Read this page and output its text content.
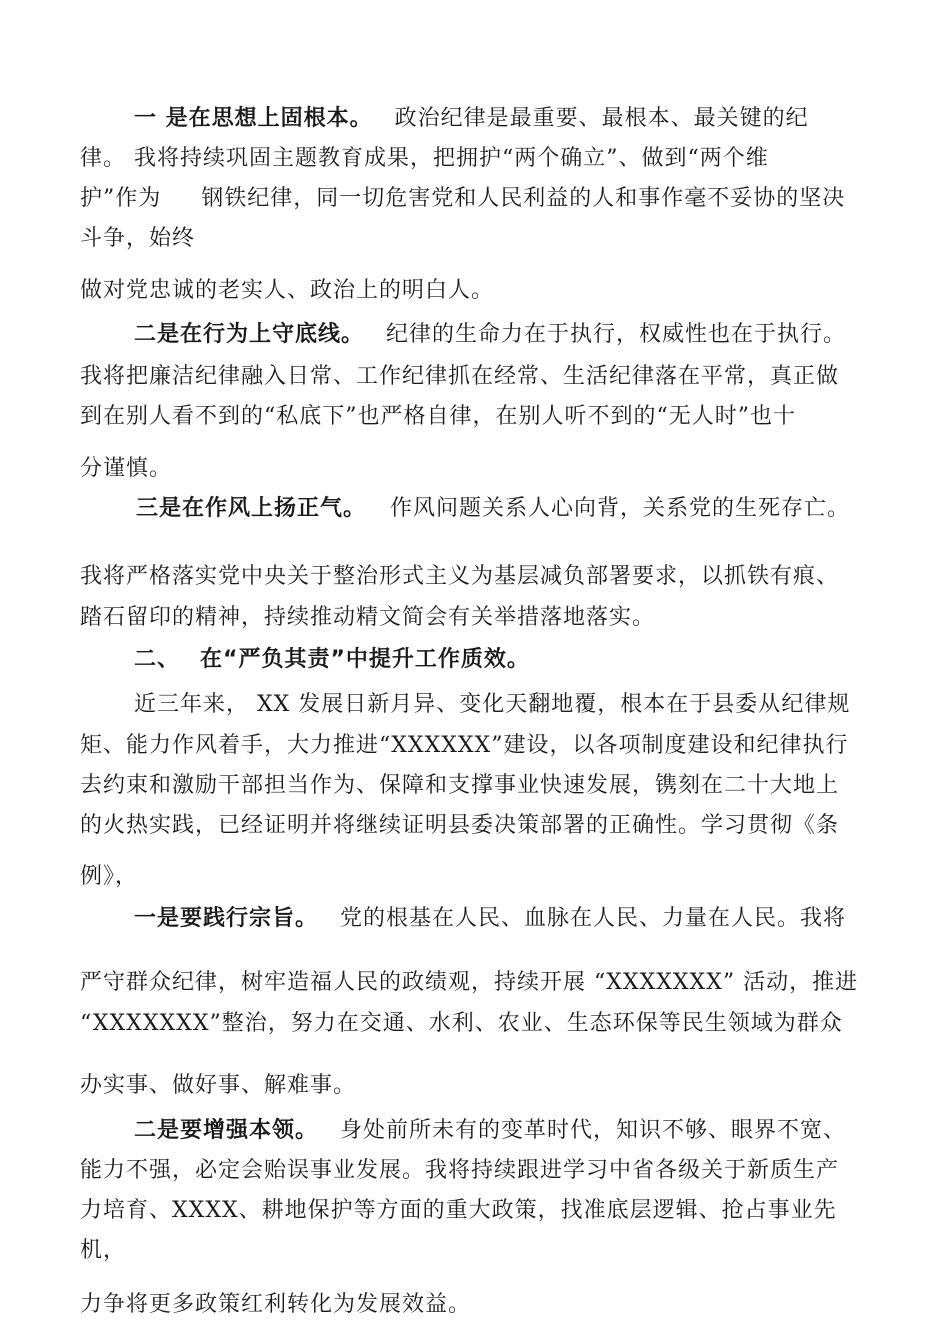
一 是在思想上固根本。 政治纪律是最重要、最根本、最关键的纪
律。 我将持续巩固主题教育成果，把拥护“两个确立”、做到“两个维
护”作为 钢铁纪律，同一切危害党和人民利益的人和事作毫不妥协的坚决
斗争，始终
做对党忠诚的老实人、政治上的明白人。
二是在行为上守底线。 纪律的生命力在于执行，权威性也在于执行。
我将把廉洁纪律融入日常、工作纪律抓在经常、生活纪律落在平常，真正做
到在别人看不到的“私底下”也严格自律，在别人听不到的“无人时”也十
分谨慎。
三是在作风上扬正气。 作风问题关系人心向背，关系党的生死存亡。
我将严格落实党中央关于整治形式主义为基层减负部署要求，以抓铁有痕、
踏石留印的精神，持续推动精文简会有关举措落地落实。
二、 在“严负其责”中提升工作质效。
近三年来， XX 发展日新月异、变化天翻地覆，根本在于县委从纪律规
矩、能力作风着手，大力推进“XXXXXX”建设，以各项制度建设和纪律执行
去约束和激励干部担当作为、保障和支撑事业快速发展，镌刻在二十大地上
的火热实践，已经证明并将继续证明县委决策部署的正确性。学习贯彻《条
例》，
一是要践行宗旨。 党的根基在人民、血脉在人民、力量在人民。我将
严守群众纪律，树牢造福人民的政绩观，持续开展 “XXXXXXX” 活动，推进
“XXXXXXX”整治，努力在交通、水利、农业、生态环保等民生领域为群众
办实事、做好事、解难事。
二是要增强本领。 身处前所未有的变革时代，知识不够、眼界不宽、
能力不强，必定会贻误事业发展。我将持续跟进学习中省各级关于新质生产
力培育、XXXX、耕地保护等方面的重大政策，找准底层逻辑、抢占事业先
机，
力争将更多政策红利转化为发展效益。
